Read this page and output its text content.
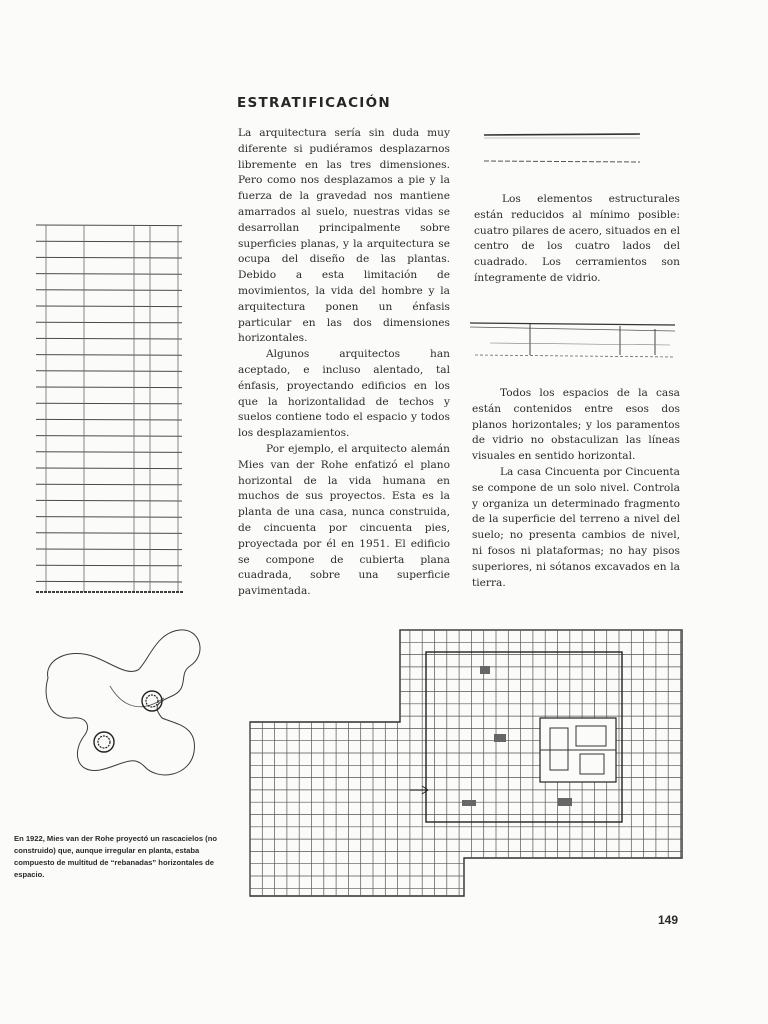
ESTRATIFICACIÓN

La arquitectura sería sin duda muy diferente si pudiéramos desplazarnos libremente en las tres dimensiones. Pero como nos desplazamos a pie y la fuerza de la gravedad nos mantiene amarrados al suelo, nuestras vidas se desarrollan principalmente sobre superficies planas, y la arquitectura se ocupa del diseño de las plantas. Debido a esta limitación de movimientos, la vida del hombre y la arquitectura ponen un énfasis particular en las dos dimensiones horizontales.

Algunos arquitectos han aceptado, e incluso alentado, tal énfasis, proyectando edificios en los que la horizontalidad de techos y suelos contiene todo el espacio y todos los desplazamientos.

Por ejemplo, el arquitecto alemán Mies van der Rohe enfatizó el plano horizontal de la vida humana en muchos de sus proyectos. Esta es la planta de una casa, nunca construida, de cincuenta por cincuenta pies, proyectada por él en 1951. El edificio se compone de cubierta plana cuadrada, sobre una superficie pavimentada.

Los elementos estructurales están reducidos al mínimo posible: cuatro pilares de acero, situados en el centro de los cuatro lados del cuadrado. Los cerramientos son íntegramente de vidrio.

Todos los espacios de la casa están contenidos entre esos dos planos horizontales; y los paramentos de vidrio no obstaculizan las líneas visuales en sentido horizontal.

La casa Cincuenta por Cincuenta se compone de un solo nivel. Controla y organiza un determinado fragmento de la superficie del terreno a nivel del suelo; no presenta cambios de nivel, ni fosos ni plataformas; no hay pisos superiores, ni sótanos excavados en la tierra.

En 1922, Mies van der Rohe proyectó un rascacielos (no construido) que, aunque irregular en planta, estaba compuesto de multitud de “rebanadas” horizontales de espacio.
149
